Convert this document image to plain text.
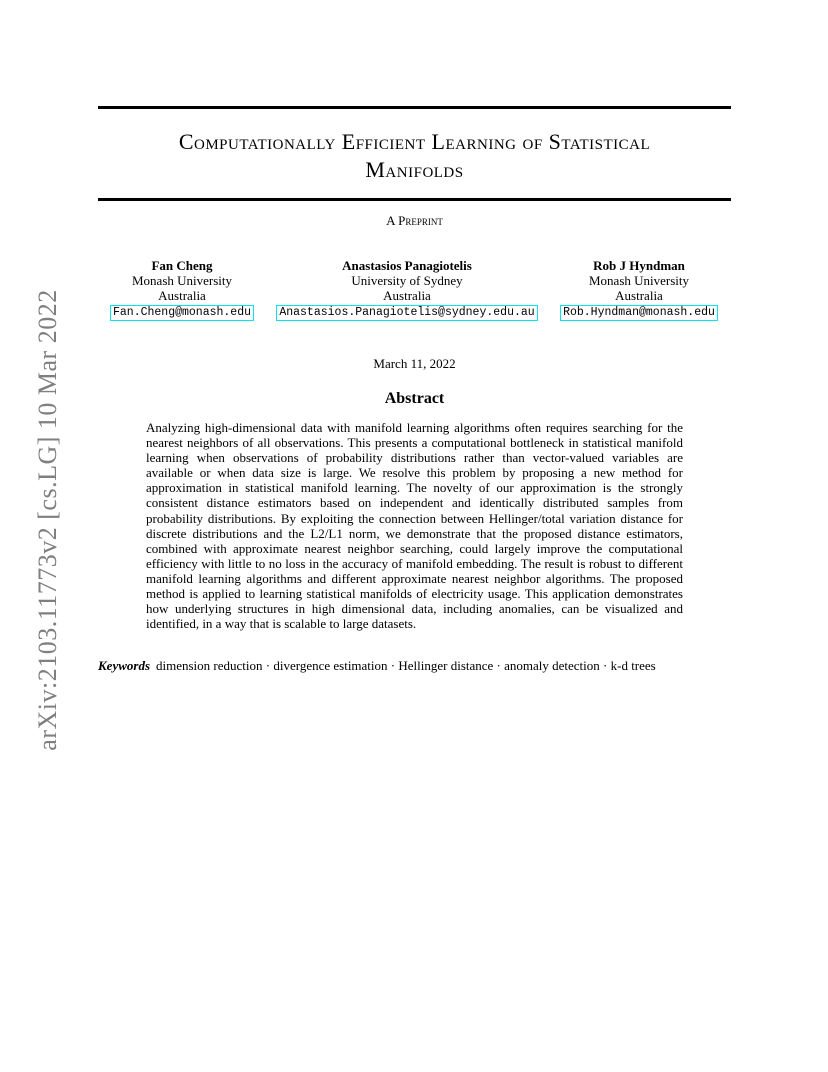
arXiv:2103.11773v2 [cs.LG] 10 Mar 2022
Computationally Efficient Learning of Statistical
Manifolds
A Preprint
Fan Cheng
Monash University
Australia
Fan.Cheng@monash.edu
Anastasios Panagiotelis
University of Sydney
Australia
Anastasios.Panagiotelis@sydney.edu.au
Rob J Hyndman
Monash University
Australia
Rob.Hyndman@monash.edu
March 11, 2022
Abstract
Analyzing high-dimensional data with manifold learning algorithms often requires searching for the nearest neighbors of all observations. This presents a computational bottleneck in statistical manifold learning when observations of probability distributions rather than vector-valued variables are available or when data size is large. We resolve this problem by proposing a new method for approximation in statistical manifold learning. The novelty of our approximation is the strongly consistent distance estimators based on independent and identically distributed samples from probability distributions. By exploiting the connection between Hellinger/total variation distance for discrete distributions and the L2/L1 norm, we demonstrate that the proposed distance estimators, combined with approximate nearest neighbor searching, could largely improve the computational efficiency with little to no loss in the accuracy of manifold embedding. The result is robust to different manifold learning algorithms and different approximate nearest neighbor algorithms. The proposed method is applied to learning statistical manifolds of electricity usage. This application demonstrates how underlying structures in high dimensional data, including anomalies, can be visualized and identified, in a way that is scalable to large datasets.
Keywords dimension reduction · divergence estimation · Hellinger distance · anomaly detection · k-d trees
